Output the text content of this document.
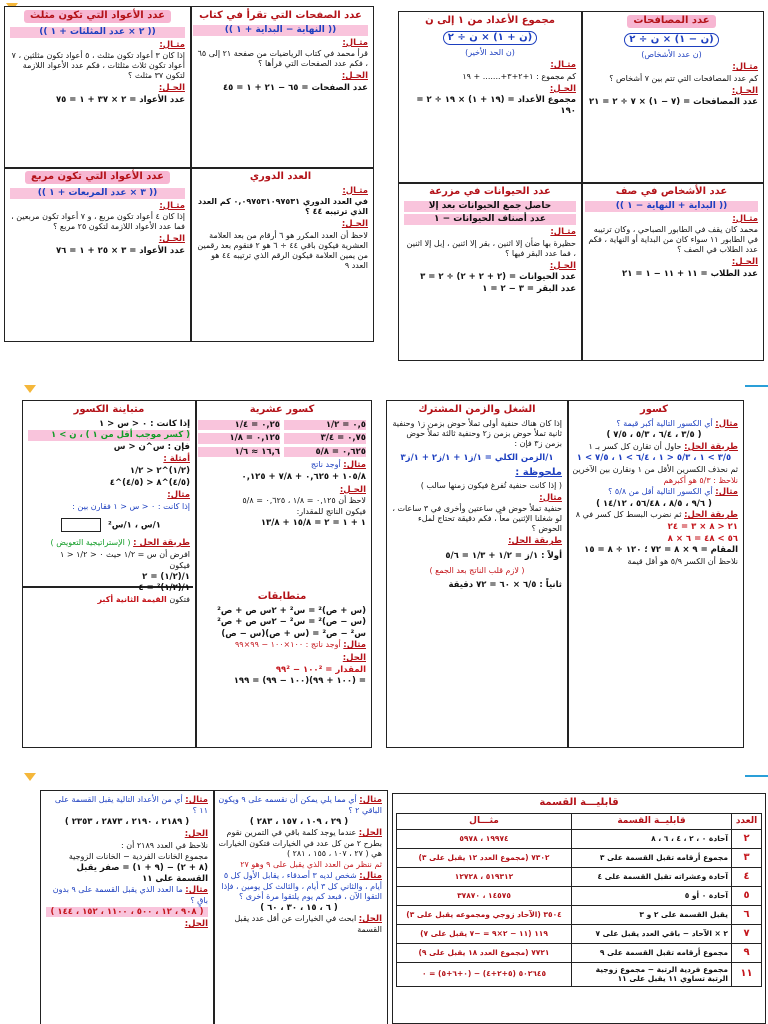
عدد الصفحات التي تقرأ في كتاب
(( النهاية − البداية + ١ ))
مثـال:
قرأ محمد في كتاب الرياضيات من صفحة ٢١ إلى ٦٥ ، فكم عدد الصفحات التي قرأها ؟
الحـل:
عدد الصفحات = ٦٥ − ٢١ + ١ = ٤٥
عدد الأعواد التي تكون مثلث
(( ٢ × عدد المثلثات + ١ ))
مثـال:
إذا كان ٣ أعواد تكون مثلث ، ٥ أعواد تكون مثلثين ، ٧ أعواد تكون ثلاث مثلثات ، فكم عدد الأعواد اللازمة لتكون ٣٧ مثلث ؟
الحـل:
عدد الأعواد = ٢ × ٣٧ + ١ = ٧٥
العدد الدوري
مثـال:
في العدد الدوري ٠,٠٩٧٥٣١٠٩٧٥٣١ كم العدد الذي ترتيبه ٤٤ ؟
الحـل:
لاحظ أن العدد المكرر هو ٦ أرقام من بعد العلامة العشرية فيكون باقي ٤٤ ÷ ٦ هو ٢ فنقوم بعد رقمين من يمين العلامة فيكون الرقم الذي ترتيبه ٤٤ هو العدد ٩
عدد الأعواد التي تكون مربع
(( ٣ × عدد المربعات + ١ ))
مثـال:
إذا كان ٤ أعواد تكون مربع ، و ٧ أعواد تكون مربعين ، فما عدد الأعواد اللازمة لتكون ٢٥ مربع ؟
الحـل:
عدد الأعواد = ٣ × ٢٥ + ١ = ٧٦
عدد المصافحات
(ن − ١) × ن ÷ ٢
(ن عدد الأشخاص)
مثـال:
كم عدد المصافحات التي تتم بين ٧ أشخاص ؟
الحـل:
عدد المصافحات = (٧ − ١) × ٧ ÷ ٢ = ٢١
مجموع الأعداد من ١ إلى ن
(ن + ١) × ن ÷ ٢
(ن الحد الأخير)
مثـال:
كم مجموع : ١+٢+٣+....... + ١٩
الحـل:
مجموع الأعداد = (١٩ + ١) × ١٩ ÷ ٢ = ١٩٠
عدد الأشخاص في صف
(( البداية + النهاية − ١ ))
مثـال:
محمد كان يقف في الطابور الصباحي ، وكان ترتيبه في الطابور ١١ سواء كان من البداية أو النهاية ، فكم عدد الطلاب في الصف ؟
الحـل:
عدد الطلاب = ١١ + ١١ − ١ = ٢١
عدد الحيوانات في مزرعة
حاصل جمع الحيوانات بعد إلا
عدد أصناف الحيوانات − ١
مثـال:
حظيرة بها ضأن إلا اثنين ، بقر إلا اثنين ، إبل إلا اثنين ، فما عدد البقر فيها ؟
الحـل:
عدد الحيوانات = (٢ + ٢ + ٢) ÷ ٢ = ٣
عدد البقر = ٣ − ٢ = ١
كسور عشرية
٠,٥ = ١/٢
٠,٢٥ = ١/٤
٠,٧٥ = ٣/٤
٠,١٢٥ = ١/٨
٠,٦٢٥ = ٥/٨
١٦,٦ ≈ ١/٦
مثال: أوجد ناتج
١٠٥/٨ + ٠,٦٢٥ + ٧/٨ + ٠,١٢٥
الحـل:
لاحظ أن ٠,١٢٥ = ١/٨ ، ٠,٦٢٥ = ٥/٨
فيكون الناتج للمقدار:
١ + ١ = ٢ = ١٥/٨ + ١٣/٨
متطابقات
(س + ص)² = س² + ٢س ص + ص²
(س − ص)² = س² − ٢س ص + ص²
س² − ص² = (س + ص)(س − ص)
مثال: أوجد ناتج : ١٠٠×١٠٠ − ٩٩×٩٩
الحل:
المقدار = ١٠٠² − ٩٩²
= (١٠٠ + ٩٩)(١٠٠ − ٩٩) = ١٩٩
متباينة الكسور
إذا كانت : ٠ < س < ١
( كسر موجب أقل من ١ ) ، ن > ١
فإن : س^ن < س
أمثلة :
(١/٢)^٢ < ١/٢
(٤/٥)^٨ < (٤/٥)^٤
مثال:
إذا كانت : ٠ < س < ١ فقارن بين :
١/س ، ١/س²
طريقة الحل : ( الإستراتيجية التعويض )
افرض أن س = ١/٢ حيث ٠ < ١/٢ < ١
فيكون
١/(١/٢) = ٢
١/(١/٢)² = ٤
فتكون القيمة الثانية أكبر
كسور
مثال: أي الكسور التالية أكبر قيمة ؟
( ٣/٥ ، ٦/٤ ، ٥/٣ ، ٧/٥ )
طريقة الحل: حاول أن تقارن كل كسر بـ ١
٣/٥ > ١ ، ٥/٣ < ١ ، ٦/٤ > ١ ، ٧/٥ > ١
ثم نحذف الكسرين الأقل من ١ ونقارن بين الآخرين
نلاحظ : ٥/٣ هو أكبرهم
مثال: أي الكسور التالية أقل من ٥/٨ ؟
( ٩/٦ ، ٨/٥ ، ٥٦/٤٨ ، ١٤/١٢ )
طريقة الحل: ثم نضرب البسط كل كسر في ٨
٢١ < ٨ × ٣ = ٢٤
٥٦ > ٤٨ = ٦ × ٨
المقام = ٩ × ٨ = ٧٢ ؛ ١٢٠ ÷ ٨ = ١٥
نلاحظ أن الكسر ٥/٩ هو أقل قيمة
الشغل والزمن المشترك
إذا كان هناك حنفية أولى تملأ حوض بزمن ز١ وحنفية ثانية تملأ حوض بزمن ز٢ وحنفية ثالثة تملأ حوض بزمن ز٣ فإن :
١/الزمن الكلي = ١/ز١ + ١/ز٢ + ١/ز٣
ملحوظة :
( إذا كانت حنفية تُفرغ فيكون زمنها سالب )
مثال:
حنفية تملأ حوض في ساعتين وأخرى في ٣ ساعات ، لو شغلنا الإثنين معاً ، فكم دقيقة تحتاج لملء الحوض ؟
طريقة الحل:
أولاً : ١/ز = ١/٢ + ١/٣ = ٥/٦
( لازم قلب الناتج بعد الجمع )
ثانياً : ٦/٥ × ٦٠ = ٧٢ دقيقة
مثال: أي مما يلي يمكن أن نقسمه على ٩ ويكون الباقي ٢ ؟
( ٢٩ ، ١٠٩ ، ١٥٧ ، ٢٨٣ )
الحل: عندما يوجد كلمة باقي في التمرين نقوم بطرح ٢ من كل عدد في الخيارات فتكون الخيارات هي ( ٢٧ ، ١٠٧ ، ١٥٥ ، ٢٨١ )
ثم ننظر من العدد الذي يقبل على ٩ وهو ٢٧
مثال: شخص لديه ٣ أصدقاء ، يقابل الأول كل ٥ أيام ، والثاني كل ٣ أيام ، والثالث كل يومين ، فإذا التقوا الآن ، فبعد كم يوم يلتقوا مرة أخرى ؟
( ٦ ، ١٥ ، ٣٠ ، ٦٠ )
الحل: ابحث في الخيارات عن أقل عدد يقبل القسمة
مثال: أي من الأعداد التالية يقبل القسمة على ١١ ؟
( ٢١٨٩ ، ٢١٩٠ ، ٢٨٧٣ ، ٢٣٥٣ )
الحل:
نلاحظ في العدد ٢١٨٩ أن :
مجموع الخانات الفردية − الخانات الزوجية
(٨ + ٢) − (٩ + ١) = صفر يقبل القسمة على ١١
مثال: ما العدد الذي يقبل القسمة على ٩ بدون باقٍ ؟
( ٩٠٨ ، ١٢ ، ٥٠٠ ، ١١٠٠ ، ١٥٢ ، ١٤٤ )
الحل:
قابليـــة القسمة
العدد	قابليــة القسمة	مثـــال
٢	آحادة ٠ ، ٢ ، ٤ ، ٦ ، ٨	١٩٩٧٤ ، ٥٩٧٨
٣	مجموع أرقامه تقبل القسمة على ٣	٧٣٠٢ (مجموع العدد ١٢ يقبل على ٣)
٤	آحادة وعشراته تقبل القسمة على ٤	٥١٩٣١٢ ، ١٢٧٢٨
٥	آحادة ٠ أو ٥	١٤٥٧٥ ، ٣٧٨٧٠
٦	يقبل القسمة على ٢ و ٣	٣٥٠٤ (الآحاد زوجي ومجموعه يقبل على ٣)
٧	٢ × الآحاد − باقي العدد يقبل على ٧	١١٩ (١١ − ٢×٩ = −٧ يقبل على ٧)
٩	مجموع أرقامه تقبل القسمة على ٩	٧٧٢١ (مجموع العدد ١٨ يقبل على ٩)
١١	مجموع فردية الرتبة − مجموع زوجية الرتبة تساوي ١١ يقبل على ١١	٥٠٢٦٤٥ (٥+٢+٤) − (٠+٦+٥) = ٠
